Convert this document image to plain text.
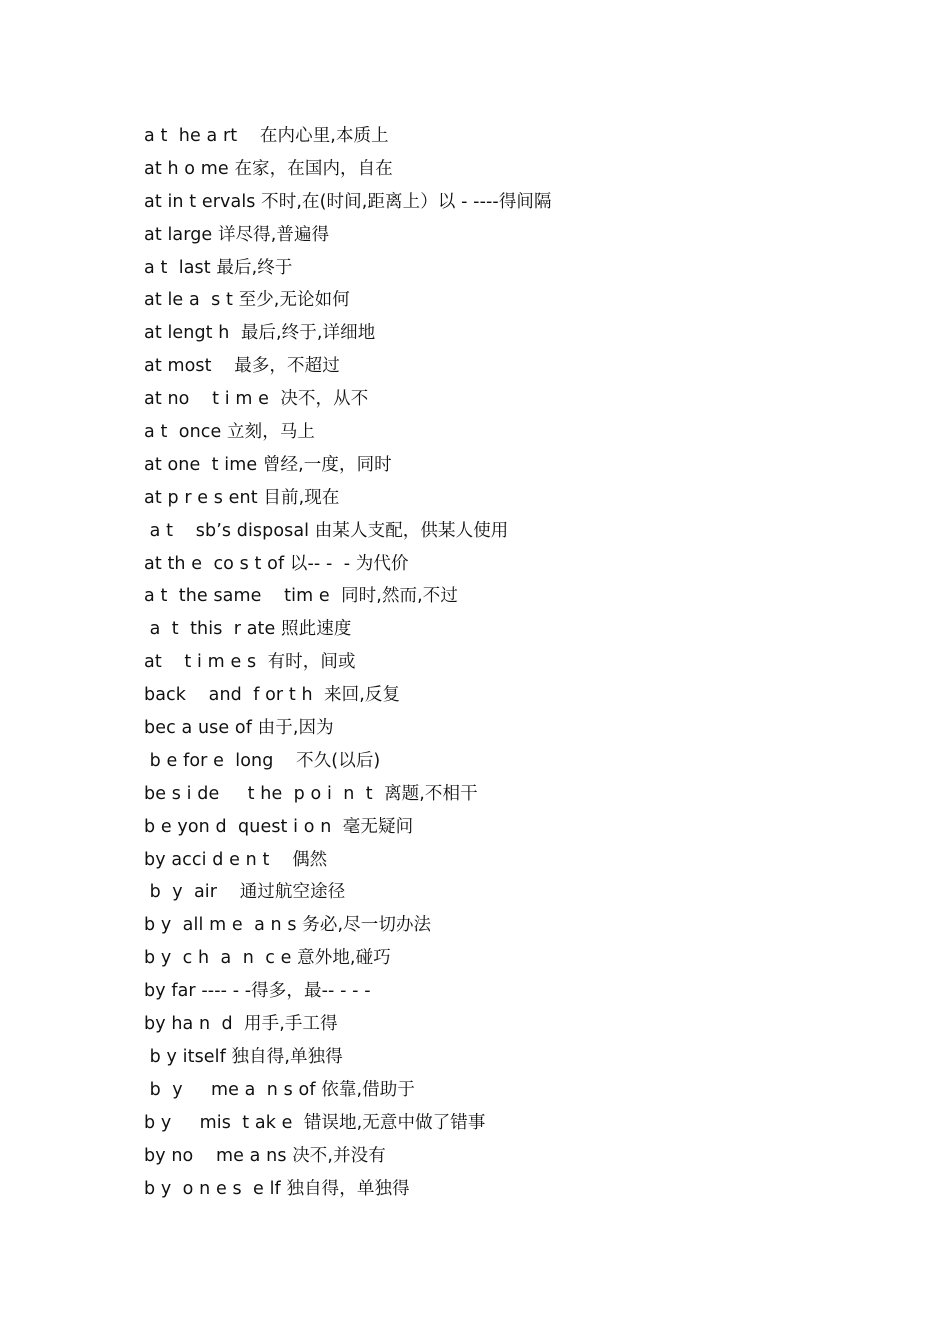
a t  he a rt    在内心里,本质上
at h o me 在家，在国内，自在
at in t ervals 不时,在(时间,距离上）以 - ----得间隔
at large 详尽得,普遍得
a t  last 最后,终于
at le a  s t 至少,无论如何
at lengt h  最后,终于,详细地
at most    最多，不超过
at no    t i m e  决不，从不
a t  once 立刻，马上
at one  t ime 曾经,一度，同时
at p r e s ent 目前,现在
a t    sb’s disposal 由某人支配，供某人使用
at th e  co s t of 以-- -  - 为代价
a t  the same    tim e  同时,然而,不过
a  t  this  r ate 照此速度
at    t i m e s  有时，间或
back    and  f or t h  来回,反复
bec a use of 由于,因为
b e for e  long    不久(以后)
be s i de     t he  p o i  n  t  离题,不相干
b e yon d  quest i o n  毫无疑问
by acci d e n t    偶然
b  y  air    通过航空途径
b y  all m e  a n s 务必,尽一切办法
b y  c h  a  n  c e 意外地,碰巧
by far ---- - -得多，最-- - - -
by ha n  d  用手,手工得
b y itself 独自得,单独得
b  y     me a  n s of 依靠,借助于
b y     mis  t ak e  错误地,无意中做了错事
by no    me a ns 决不,并没有
b y  o n e s  e lf 独自得，单独得
